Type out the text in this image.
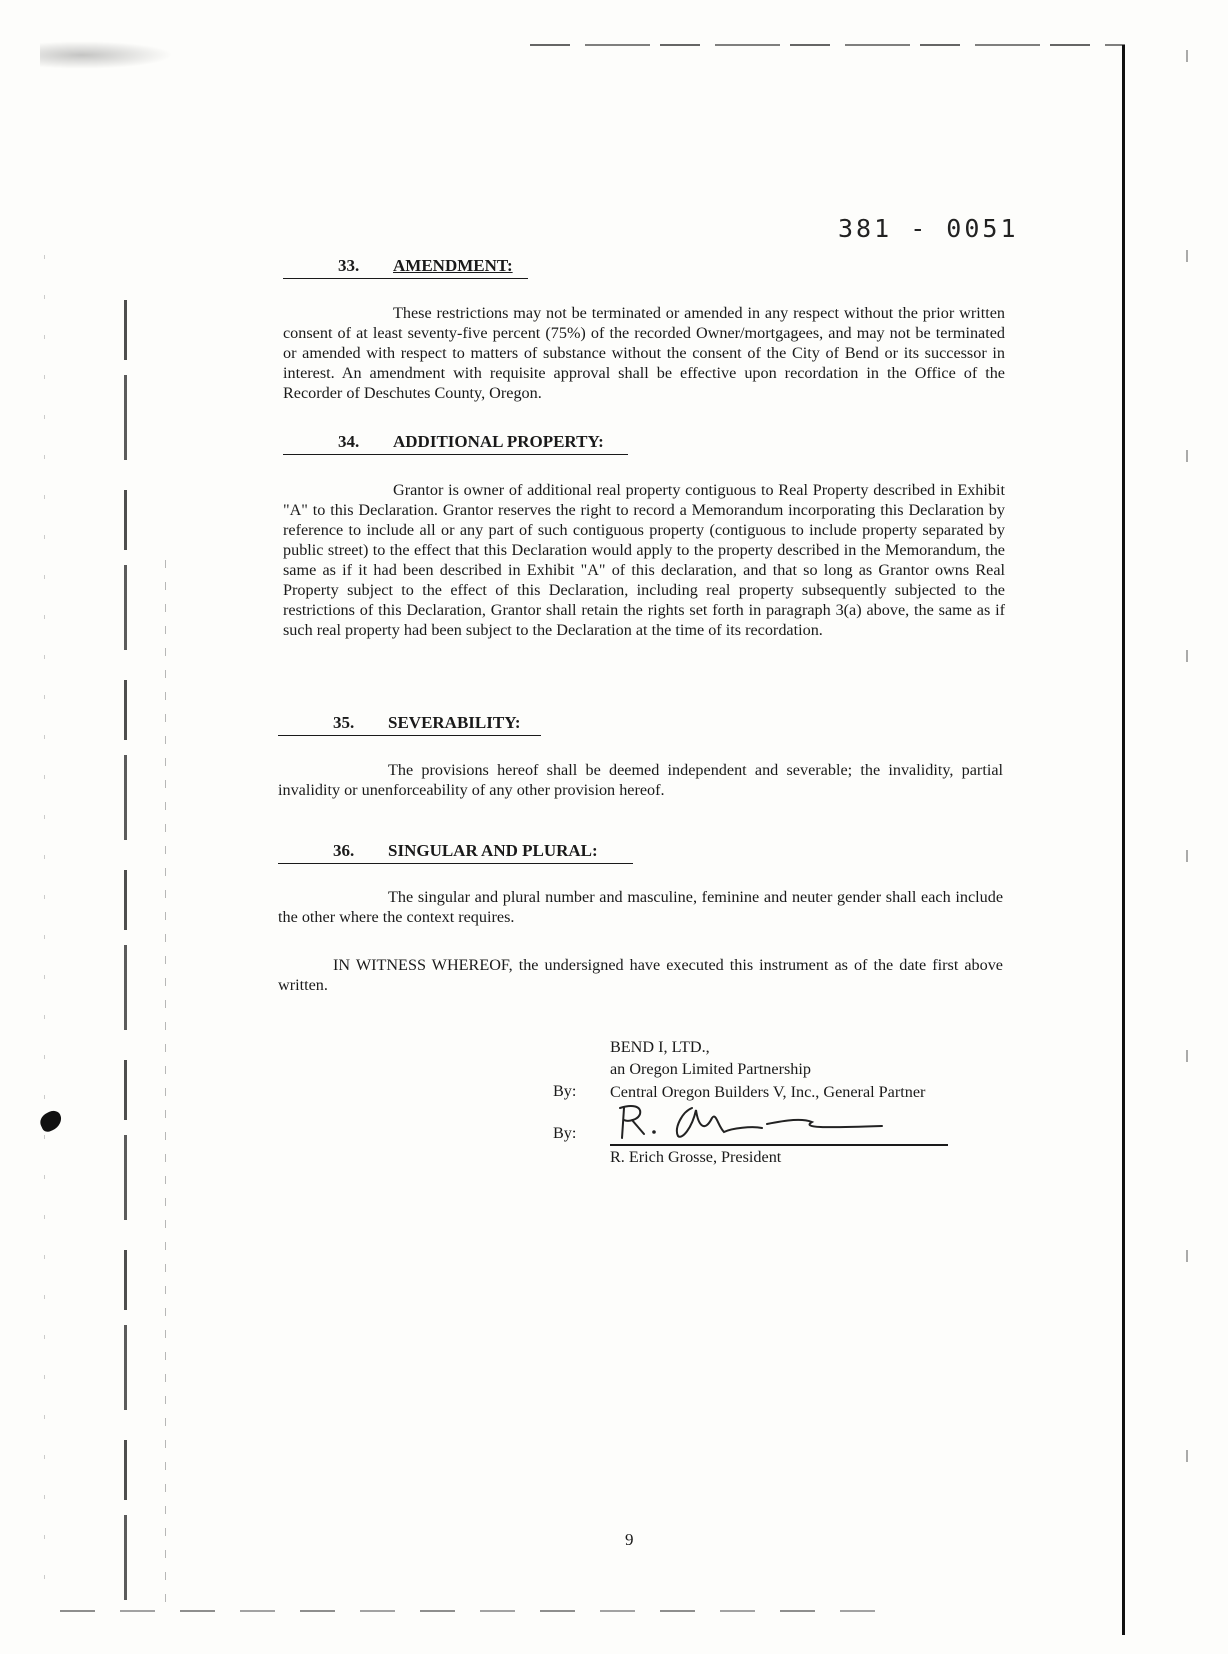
381 - 0051
33. AMENDMENT:

These restrictions may not be terminated or amended in any respect without the prior written consent of at least seventy-five percent (75%) of the recorded Owner/mortgagees, and may not be terminated or amended with respect to matters of substance without the consent of the City of Bend or its successor in interest. An amendment with requisite approval shall be effective upon recordation in the Office of the Recorder of Deschutes County, Oregon.

34. ADDITIONAL PROPERTY:

Grantor is owner of additional real property contiguous to Real Property described in Exhibit "A" to this Declaration. Grantor reserves the right to record a Memorandum incorporating this Declaration by reference to include all or any part of such contiguous property (contiguous to include property separated by public street) to the effect that this Declaration would apply to the property described in the Memorandum, the same as if it had been described in Exhibit "A" of this declaration, and that so long as Grantor owns Real Property subject to the effect of this Declaration, including real property subsequently subjected to the restrictions of this Declaration, Grantor shall retain the rights set forth in paragraph 3(a) above, the same as if such real property had been subject to the Declaration at the time of its recordation.

35. SEVERABILITY:

The provisions hereof shall be deemed independent and severable; the invalidity, partial invalidity or unenforceability of any other provision hereof.

36. SINGULAR AND PLURAL:

The singular and plural number and masculine, feminine and neuter gender shall each include the other where the context requires.

IN WITNESS WHEREOF, the undersigned have executed this instrument as of the date first above written.

BEND I, LTD.,
an Oregon Limited Partnership
By: Central Oregon Builders V, Inc., General Partner
By:
R. Erich Grosse, President
9
